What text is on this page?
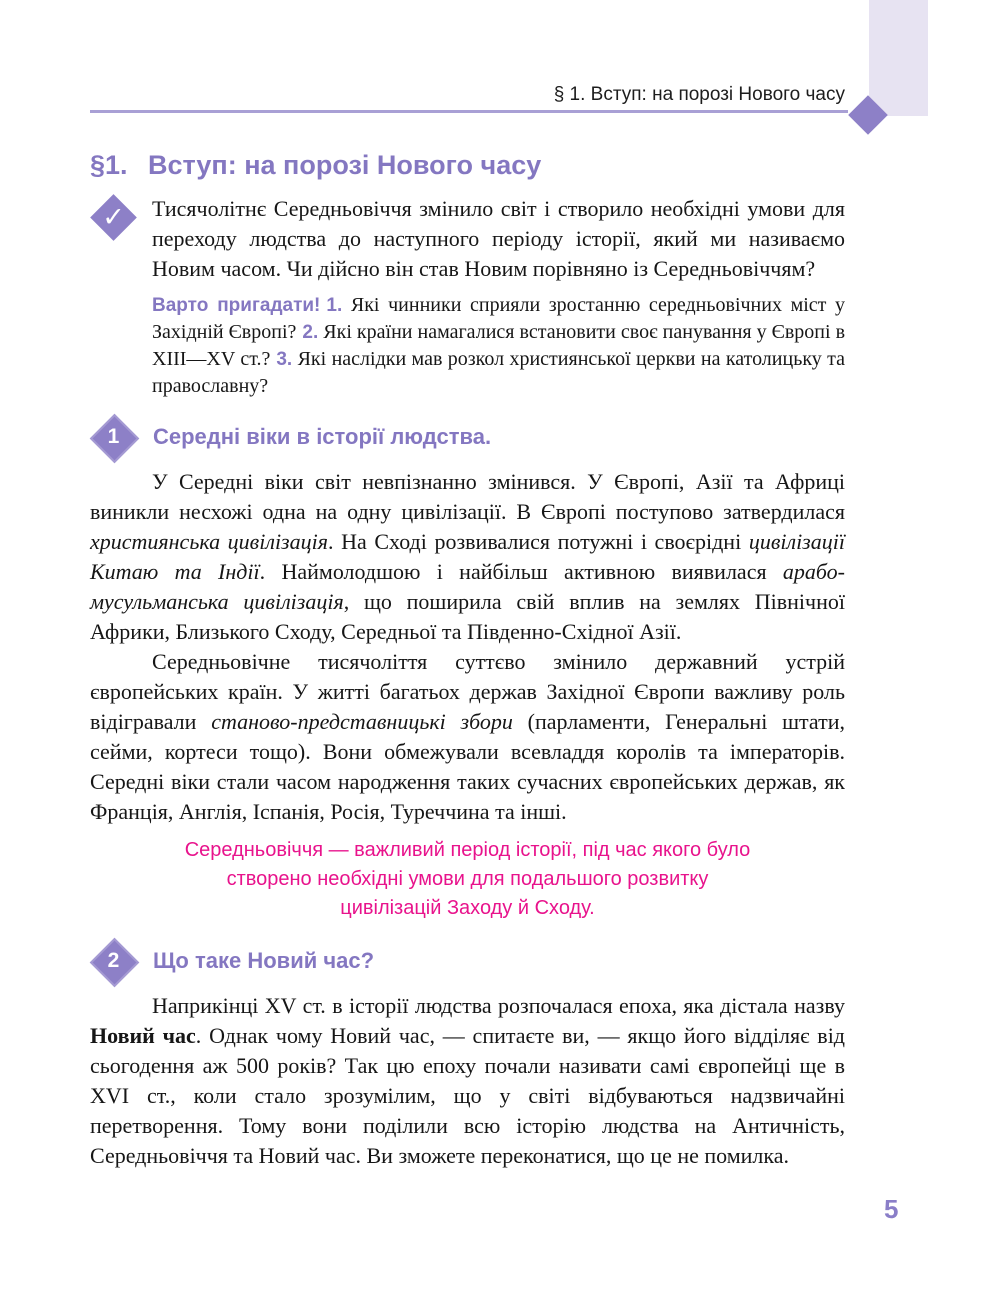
§ 1. Вступ: на порозі Нового часу
§1. Вступ: на порозі Нового часу
✓	Тисячолітнє Середньовіччя змінило світ і створило необхідні умови для переходу людства до наступного періоду історії, який ми називаємо Новим часом. Чи дійсно він став Новим порівняно із Середньовіччям?

Варто пригадати! 1. Які чинники сприяли зростанню середньовічних міст у Західній Європі? 2. Які країни намагалися встановити своє панування у Європі в XIII—XV ст.? 3. Які наслідки мав розкол християнської церкви на католицьку та православну?

1	Середні віки в історії людства.

У Середні віки світ невпізнанно змінився. У Європі, Азії та Африці виникли несхожі одна на одну цивілізації. В Європі поступово затвердилася християнська цивілізація. На Сході розвивалися потужні і своєрідні цивілізації Китаю та Індії. Наймолодшою і найбільш активною виявилася арабо-мусульманська цивілізація, що поширила свій вплив на землях Північної Африки, Близького Сходу, Середньої та Південно-Східної Азії.

Середньовічне тисячоліття суттєво змінило державний устрій європейських країн. У житті багатьох держав Західної Європи важливу роль відігравали станово-представницькі збори (парламенти, Генеральні штати, сейми, кортеси тощо). Вони обмежували всевладдя королів та імператорів. Середні віки стали часом народження таких сучасних європейських держав, як Франція, Англія, Іспанія, Росія, Туреччина та інші.

Середньовіччя — важливий період історії, під час якого було створено необхідні умови для подальшого розвитку цивілізацій Заходу й Сходу.

2	Що таке Новий час?

Наприкінці XV ст. в історії людства розпочалася епоха, яка дістала назву Новий час. Однак чому Новий час, — спитаєте ви, — якщо його відділяє від сьогодення аж 500 років? Так цю епоху почали називати самі європейці ще в XVI ст., коли стало зрозумілим, що у світі відбуваються надзвичайні перетворення. Тому вони поділили всю історію людства на Античність, Середньовіччя та Новий час. Ви зможете переконатися, що це не помилка.

5
